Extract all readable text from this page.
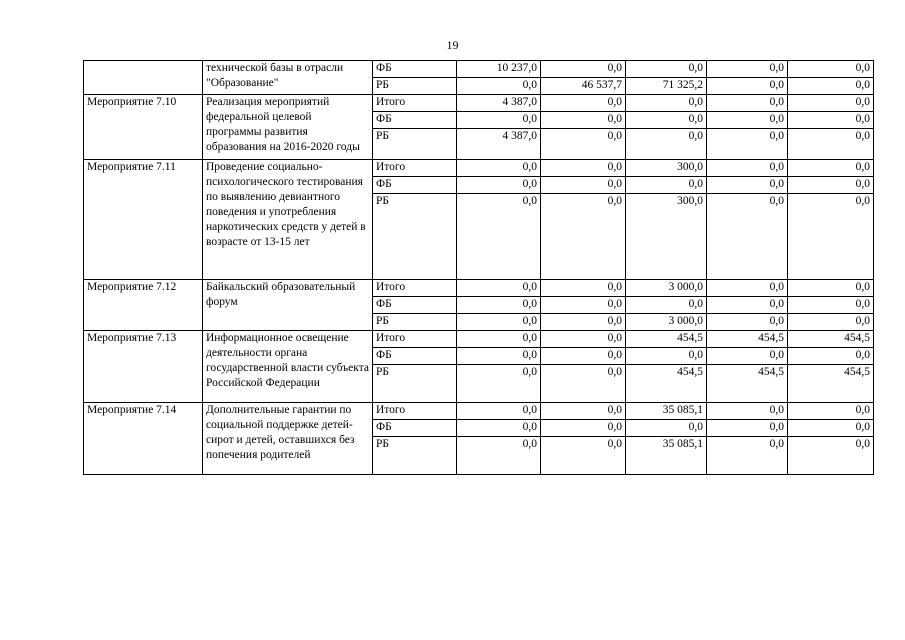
19
	технической базы в отрасли "Образование"	ФБ	10 237,0	0,0	0,0	0,0	0,0
		РБ	0,0	46 537,7	71 325,2	0,0	0,0
Мероприятие 7.10	Реализация мероприятий федеральной целевой программы развития образования на 2016-2020 годы	Итого	4 387,0	0,0	0,0	0,0	0,0
		ФБ	0,0	0,0	0,0	0,0	0,0
		РБ	4 387,0	0,0	0,0	0,0	0,0
Мероприятие 7.11	Проведение социально-психологического тестирования по выявлению девиантного поведения и употребления наркотических средств у детей в возрасте от 13-15 лет	Итого	0,0	0,0	300,0	0,0	0,0
		ФБ	0,0	0,0	0,0	0,0	0,0
		РБ	0,0	0,0	300,0	0,0	0,0
Мероприятие 7.12	Байкальский образовательный форум	Итого	0,0	0,0	3 000,0	0,0	0,0
		ФБ	0,0	0,0	0,0	0,0	0,0
		РБ	0,0	0,0	3 000,0	0,0	0,0
Мероприятие 7.13	Информационное освещение деятельности органа государственной власти субъекта Российской Федерации	Итого	0,0	0,0	454,5	454,5	454,5
		ФБ	0,0	0,0	0,0	0,0	0,0
		РБ	0,0	0,0	454,5	454,5	454,5
Мероприятие 7.14	Дополнительные гарантии по социальной поддержке детей-сирот и детей, оставшихся без попечения родителей	Итого	0,0	0,0	35 085,1	0,0	0,0
		ФБ	0,0	0,0	0,0	0,0	0,0
		РБ	0,0	0,0	35 085,1	0,0	0,0
